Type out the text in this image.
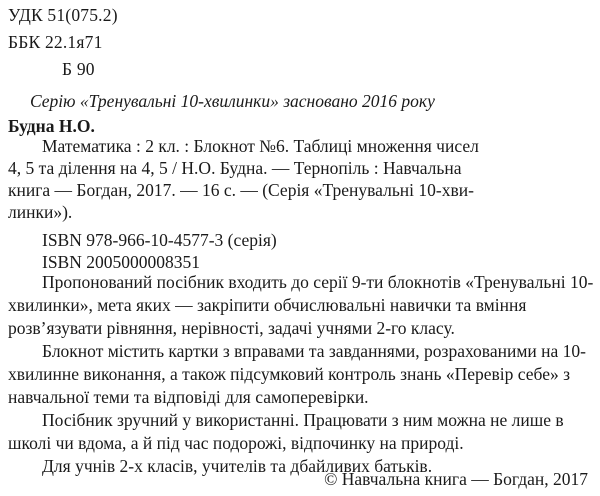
УДК 51(075.2)
ББК 22.1я71
Б 90
Серію «Тренувальні 10-хвилинки» засновано 2016 року
Будна Н.О.
Математика : 2 кл. : Блокнот №6. Таблиці множення чисел
4, 5 та ділення на 4, 5 / Н.О. Будна. — Тернопіль : Навчальна
книга — Богдан, 2017. — 16 с. — (Серія «Тренувальні 10-хви-
линки»).
ISBN 978-966-10-4577-3 (серія)
ISBN 2005000008351

Пропонований посібник входить до серії 9-ти блокнотів «Тренувальні 10-хвилинки», мета яких — закріпити обчислювальні навички та вміння розв’язувати рівняння, нерівності, задачі учнями 2-го класу.

Блокнот містить картки з вправами та завданнями, розрахованими на 10-хвилинне виконання, а також підсумковий контроль знань «Перевір себе» з навчальної теми та відповіді для самоперевірки.

Посібник зручний у використанні. Працювати з ним можна не лише в школі чи вдома, а й під час подорожі, відпочинку на природі.

Для учнів 2-х класів, учителів та дбайливих батьків.

© Навчальна книга — Богдан, 2017
